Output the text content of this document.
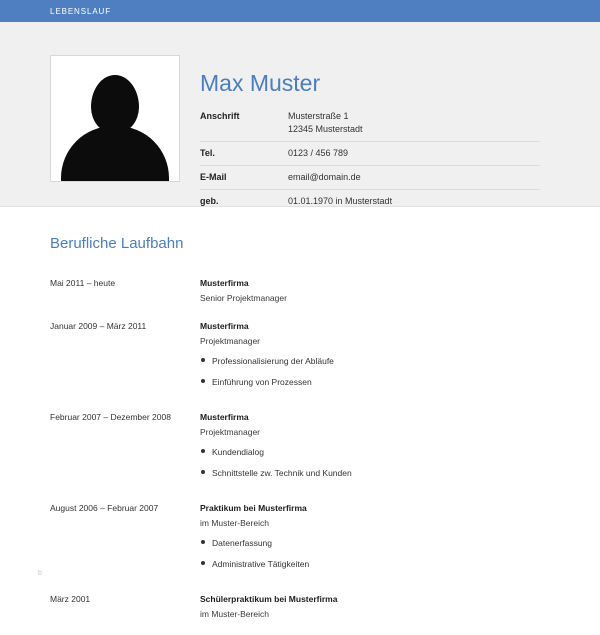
LEBENSLAUF
Max Muster
Anschrift	Musterstraße 1
12345 Musterstadt

Tel.	0123 / 456 789
E-Mail	email@domain.de
geb.	01.01.1970 in Musterstadt
Berufliche Laufbahn
Mai 2011 – heute	Musterfirma
Senior Projektmanager
Januar 2009 – März 2011	Musterfirma
Projektmanager
Professionalisierung der Abläufe
Einführung von Prozessen
Februar 2007 – Dezember 2008	Musterfirma
Projektmanager
Kundendialog
Schnittstelle zw. Technik und Kunden
August 2006 – Februar 2007	Praktikum bei Musterfirma
im Muster-Bereich
Datenerfassung
Administrative Tätigkeiten
März 2001	Schülerpraktikum bei Musterfirma
im Muster-Bereich
b
